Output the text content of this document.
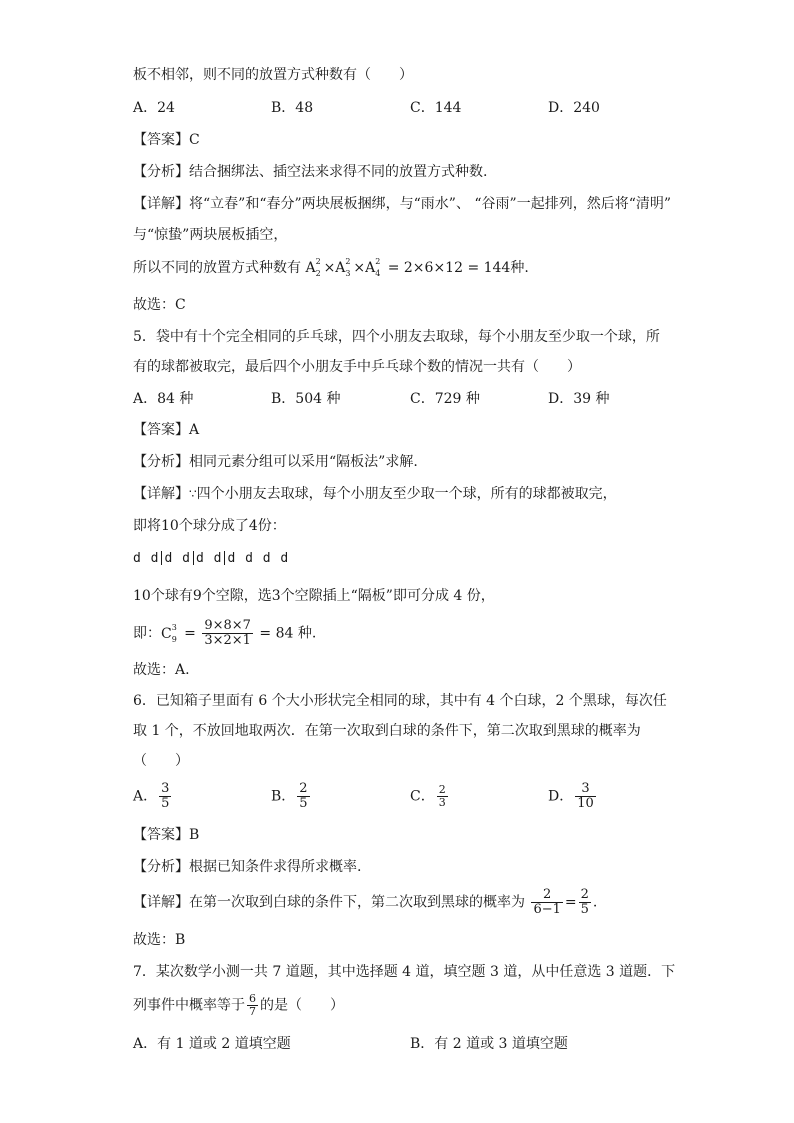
板不相邻，则不同的放置方式种数有（　　）
A．24	B．48	C．144	D．240
【答案】C
【分析】结合捆绑法、插空法来求得不同的放置方式种数.
【详解】将“立春”和“春分”两块展板捆绑，与“雨水”、 “谷雨”一起排列，然后将“清明”
与“惊蛰”两块展板插空，
所以不同的放置方式种数有 A 2
2 ×A 2
3 ×A 2
4 = 2×6×12 = 144种.
故选：C
5．袋中有十个完全相同的乒乓球，四个小朋友去取球，每个小朋友至少取一个球，所
有的球都被取完，最后四个小朋友手中乒乓球个数的情况一共有（　　）
A．84 种	B．504 种	C．729 种	D．39 种
【答案】A
【分析】相同元素分组可以采用“隔板法”求解.
【详解】∵四个小朋友去取球，每个小朋友至少取一个球，所有的球都被取完，
即将10个球分成了4份：
d d d d d d d d d d
10个球有9个空隙，选3个空隙插上“隔板”即可分成 4 份，
即：C 3
$9 = \frac{9\times 8\times 7}{3\times 2\times 1} = 84$ 种.
故选：A.
6．已知箱子里面有 6 个大小形状完全相同的球，其中有 4 个白球，2 个黑球，每次任
取 1 个，不放回地取两次．在第一次取到白球的条件下，第二次取到黑球的概率为
（　　）
A． $\frac{3}{5}$	B． $\frac{2}{5}$	C． $\frac{2}{3}$	D． $\frac{3}{10}$
【答案】B
【分析】根据已知条件求得所求概率.
【详解】在第一次取到白球的条件下，第二次取到黑球的概率为 $\frac{2}{6-1} = \frac{2}{5}$ .
故选：B
7．某次数学小测一共 7 道题，其中选择题 4 道，填空题 3 道，从中任意选 3 道题．下
列事件中概率等于 $\frac{6}{7}$ 的是（　　）
A．有 1 道或 2 道填空题	B．有 2 道或 3 道填空题
